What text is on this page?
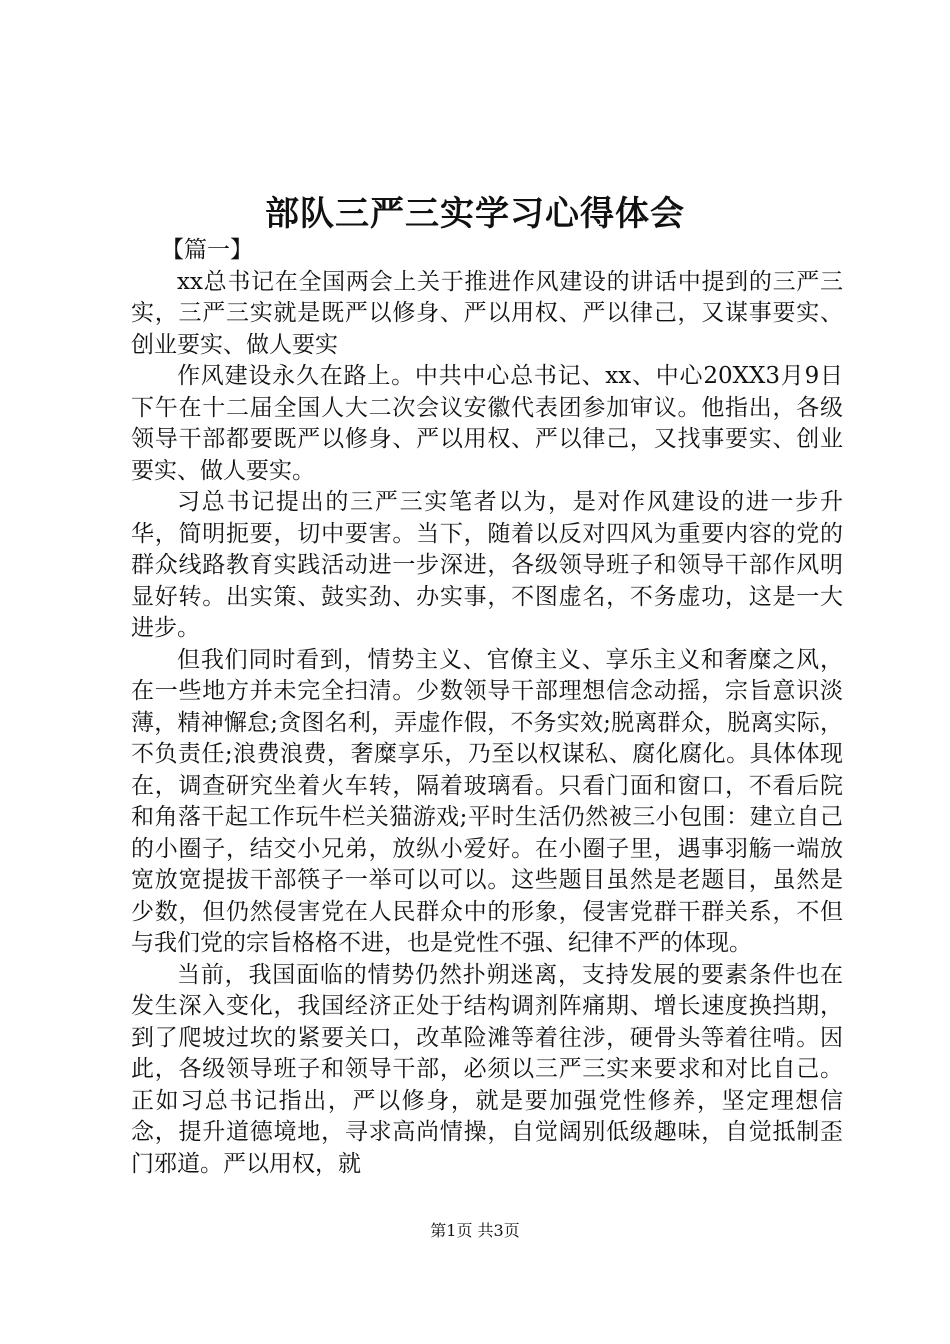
部队三严三实学习心得体会

【篇一】

xx总书记在全国两会上关于推进作风建设的讲话中提到的三严三实，三严三实就是既严以修身、严以用权、严以律己，又谋事要实、创业要实、做人要实

作风建设永久在路上。中共中心总书记、xx、中心20XX3月9日下午在十二届全国人大二次会议安徽代表团参加审议。他指出，各级领导干部都要既严以修身、严以用权、严以律己，又找事要实、创业要实、做人要实。

习总书记提出的三严三实笔者以为，是对作风建设的进一步升华，简明扼要，切中要害。当下，随着以反对四风为重要内容的党的群众线路教育实践活动进一步深进，各级领导班子和领导干部作风明显好转。出实策、鼓实劲、办实事，不图虚名，不务虚功，这是一大进步。

但我们同时看到，情势主义、官僚主义、享乐主义和奢糜之风，在一些地方并未完全扫清。少数领导干部理想信念动摇，宗旨意识淡薄，精神懈怠;贪图名利，弄虚作假，不务实效;脱离群众，脱离实际，不负责任;浪费浪费，奢糜享乐，乃至以权谋私、腐化腐化。具体体现在，调查研究坐着火车转，隔着玻璃看。只看门面和窗口，不看后院和角落干起工作玩牛栏关猫游戏;平时生活仍然被三小包围：建立自己的小圈子，结交小兄弟，放纵小爱好。在小圈子里，遇事羽觞一端放宽放宽提拔干部筷子一举可以可以。这些题目虽然是老题目，虽然是少数，但仍然侵害党在人民群众中的形象，侵害党群干群关系，不但与我们党的宗旨格格不进，也是党性不强、纪律不严的体现。

当前，我国面临的情势仍然扑朔迷离，支持发展的要素条件也在发生深入变化，我国经济正处于结构调剂阵痛期、增长速度换挡期，到了爬坡过坎的紧要关口，改革险滩等着往涉，硬骨头等着往啃。因此，各级领导班子和领导干部，必须以三严三实来要求和对比自己。正如习总书记指出，严以修身，就是要加强党性修养，坚定理想信念，提升道德境地，寻求高尚情操，自觉阔别低级趣味，自觉抵制歪门邪道。严以用权，就

第1页 共3页
